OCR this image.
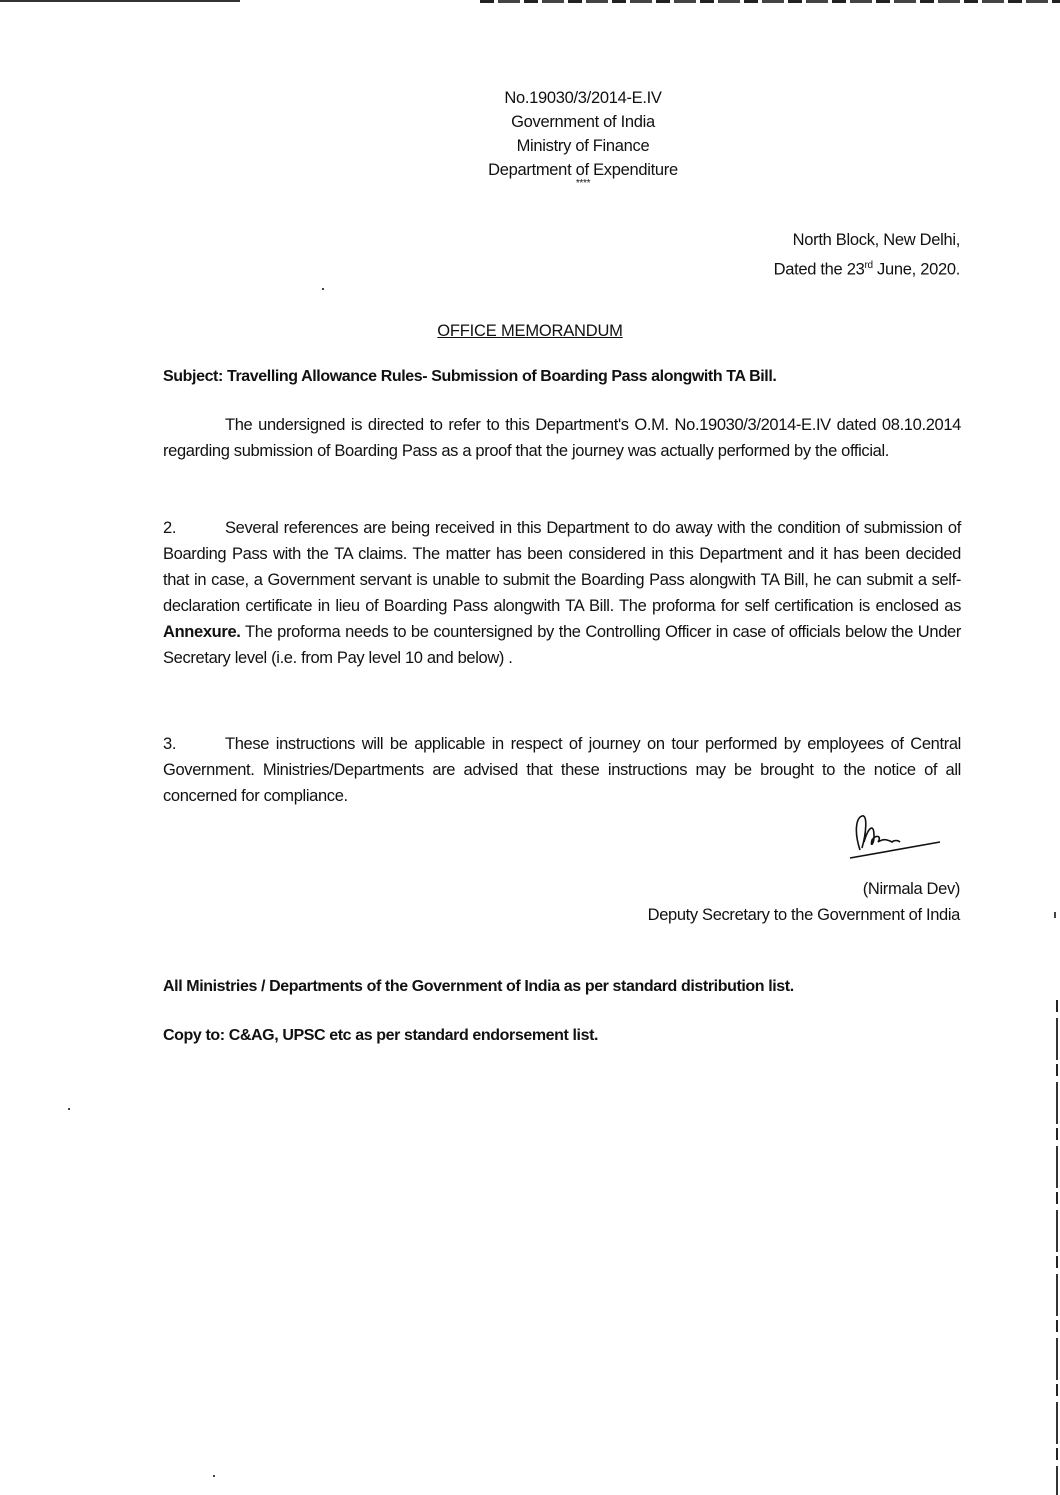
No.19030/3/2014-E.IV
Government of India
Ministry of Finance
Department of Expenditure
****
North Block, New Delhi,
Dated the 23rd June, 2020.
OFFICE MEMORANDUM
Subject: Travelling Allowance Rules- Submission of Boarding Pass alongwith TA Bill.
The undersigned is directed to refer to this Department's O.M. No.19030/3/2014-E.IV dated 08.10.2014 regarding submission of Boarding Pass as a proof that the journey was actually performed by the official.
2.	Several references are being received in this Department to do away with the condition of submission of Boarding Pass with the TA claims. The matter has been considered in this Department and it has been decided that in case, a Government servant is unable to submit the Boarding Pass alongwith TA Bill, he can submit a self-declaration certificate in lieu of Boarding Pass alongwith TA Bill. The proforma for self certification is enclosed as Annexure. The proforma needs to be countersigned by the Controlling Officer in case of officials below the Under Secretary level (i.e. from Pay level 10 and below) .
3.	These instructions will be applicable in respect of journey on tour performed by employees of Central Government. Ministries/Departments are advised that these instructions may be brought to the notice of all concerned for compliance.
(Nirmala Dev)
Deputy Secretary to the Government of India
All Ministries / Departments of the Government of India as per standard distribution list.
Copy to: C&AG, UPSC etc as per standard endorsement list.
